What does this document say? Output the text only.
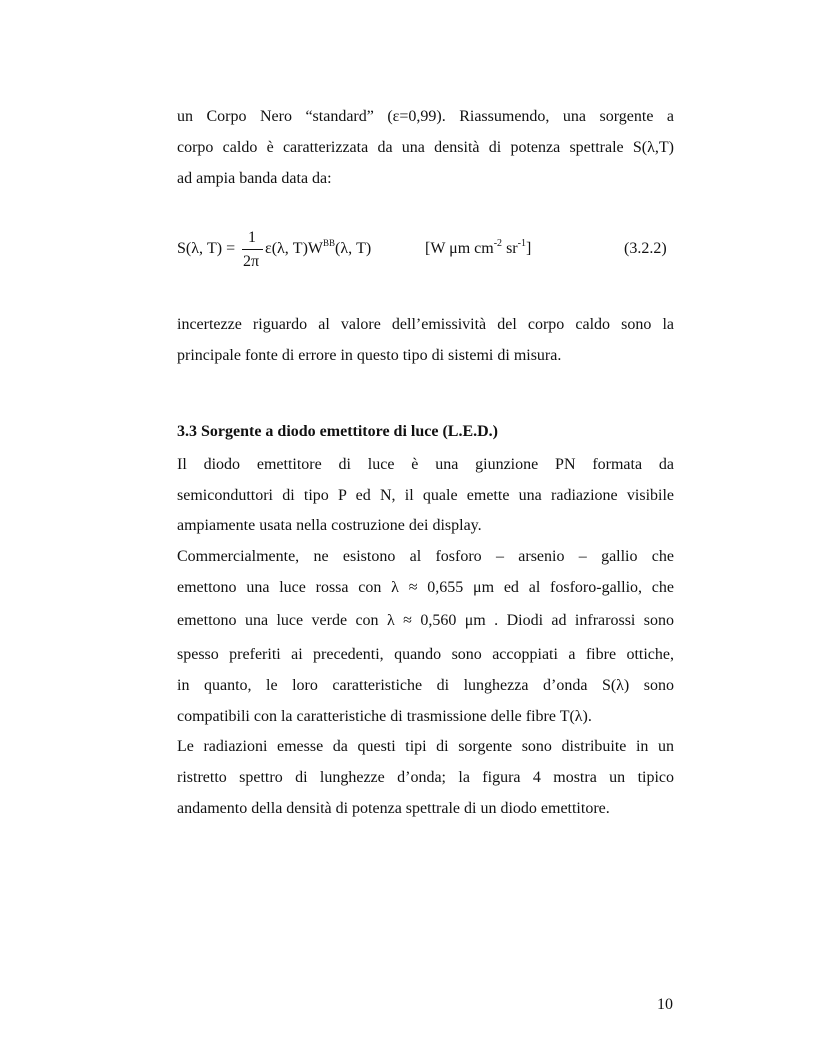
un Corpo Nero “standard” (ε=0,99). Riassumendo, una sorgente a
corpo caldo è caratterizzata da una densità di potenza spettrale S(λ,T)
ad ampia banda data da:
S(λ, T) =
1
2π
ε(λ, $T)W^{BB}(\lambda$, T)	[W μm $cm^{-2}$ $sr^{-1}$]	(3.2.2)
incertezze riguardo al valore dell’emissività del corpo caldo sono la
principale fonte di errore in questo tipo di sistemi di misura.
3.3 Sorgente a diodo emettitore di luce (L.E.D.)
Il diodo emettitore di luce è una giunzione PN formata da
semiconduttori di tipo P ed N, il quale emette una radiazione visibile
ampiamente usata nella costruzione dei display.
Commercialmente, ne esistono al fosforo – arsenio – gallio che
emettono una luce rossa con λ ≈ 0,655 μm ed al fosforo-gallio, che
emettono una luce verde con λ ≈ 0,560 μm . Diodi ad infrarossi sono
spesso preferiti ai precedenti, quando sono accoppiati a fibre ottiche,
in quanto, le loro caratteristiche di lunghezza d’onda S(λ) sono
compatibili con la caratteristiche di trasmissione delle fibre T(λ).
Le radiazioni emesse da questi tipi di sorgente sono distribuite in un
ristretto spettro di lunghezze d’onda; la figura 4 mostra un tipico
andamento della densità di potenza spettrale di un diodo emettitore.
10
